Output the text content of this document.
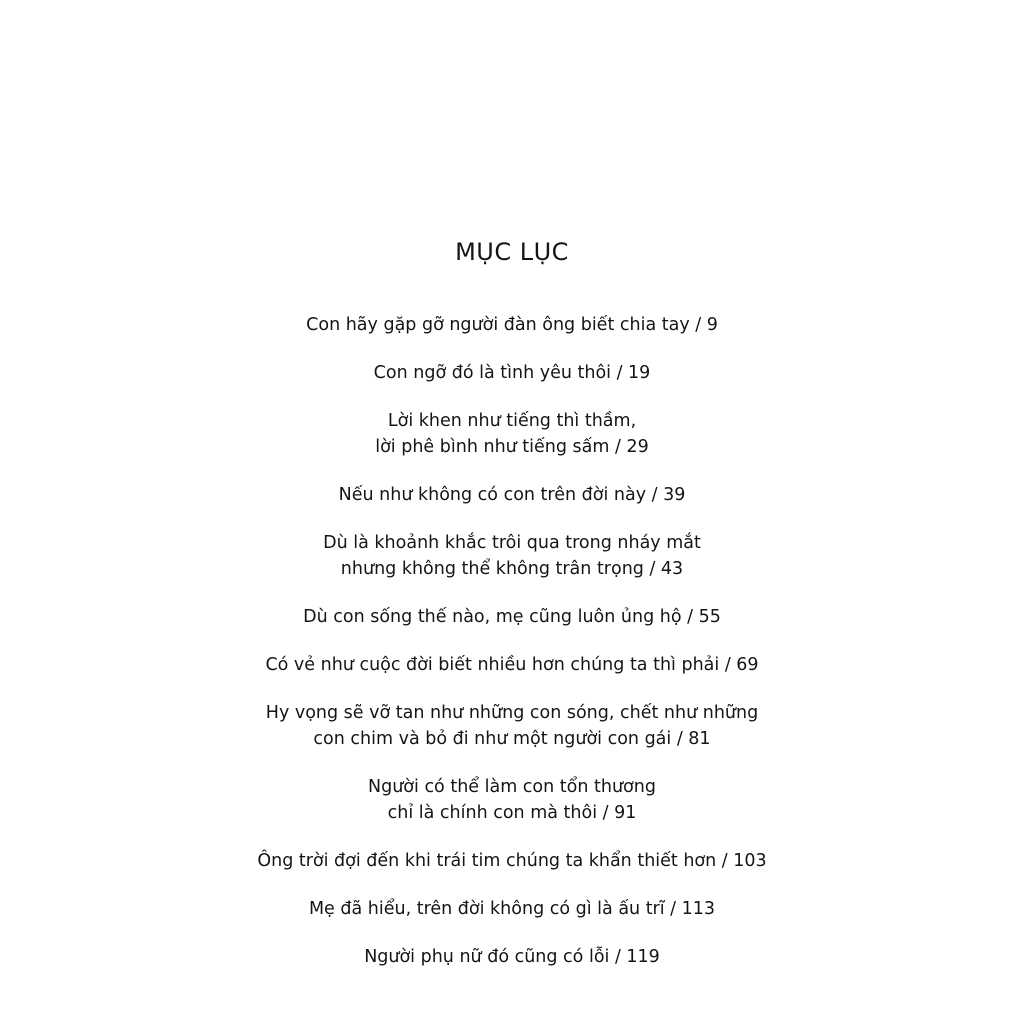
MỤC LỤC
Con hãy gặp gỡ người đàn ông biết chia tay / 9
Con ngỡ đó là tình yêu thôi / 19
Lời khen như tiếng thì thầm,
lời phê bình như tiếng sấm / 29
Nếu như không có con trên đời này / 39
Dù là khoảnh khắc trôi qua trong nháy mắt
nhưng không thể không trân trọng / 43
Dù con sống thế nào, mẹ cũng luôn ủng hộ / 55
Có vẻ như cuộc đời biết nhiều hơn chúng ta thì phải / 69
Hy vọng sẽ vỡ tan như những con sóng, chết như những
con chim và bỏ đi như một người con gái / 81
Người có thể làm con tổn thương
chỉ là chính con mà thôi / 91
Ông trời đợi đến khi trái tim chúng ta khẩn thiết hơn / 103
Mẹ đã hiểu, trên đời không có gì là ấu trĩ / 113
Người phụ nữ đó cũng có lỗi / 119
